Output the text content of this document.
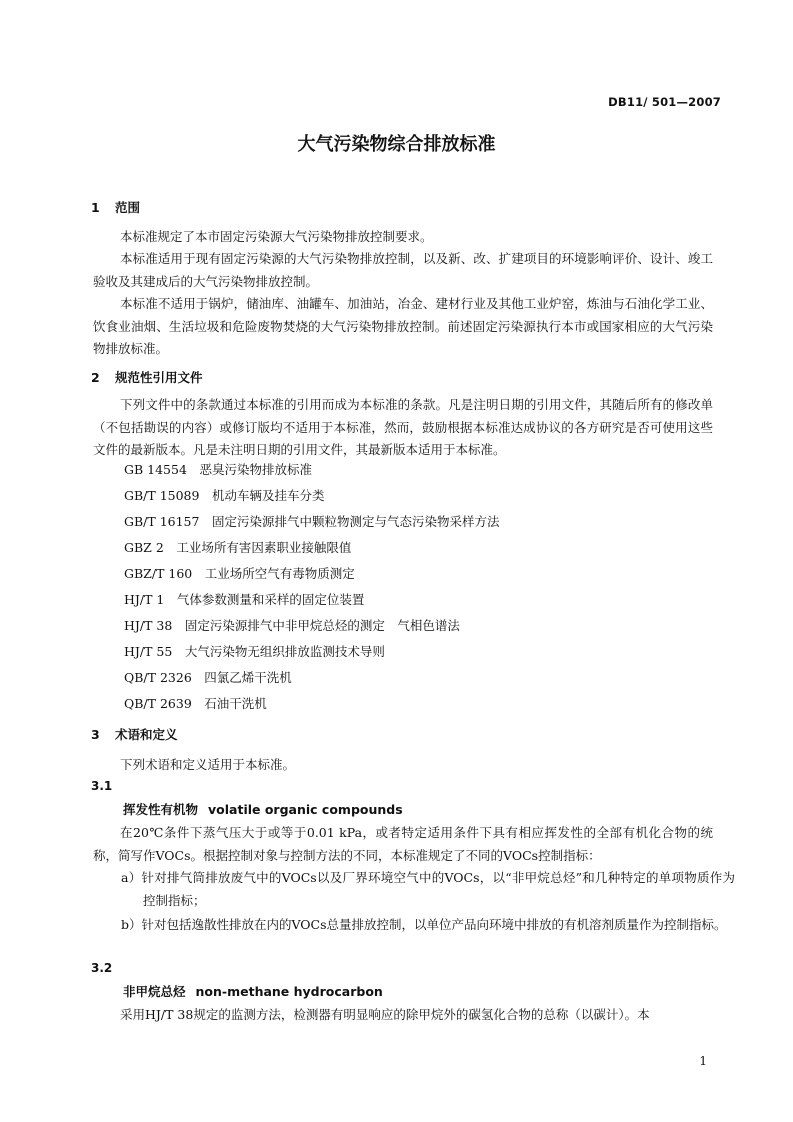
DB11/ 501—2007
大气污染物综合排放标准
1 范围
本标准规定了本市固定污染源大气污染物排放控制要求。
本标准适用于现有固定污染源的大气污染物排放控制，以及新、改、扩建项目的环境影响评价、设计、竣工验收及其建成后的大气污染物排放控制。
本标准不适用于锅炉，储油库、油罐车、加油站，冶金、建材行业及其他工业炉窑，炼油与石油化学工业、饮食业油烟、生活垃圾和危险废物焚烧的大气污染物排放控制。前述固定污染源执行本市或国家相应的大气污染物排放标准。
2 规范性引用文件
下列文件中的条款通过本标准的引用而成为本标准的条款。凡是注明日期的引用文件，其随后所有的修改单（不包括勘误的内容）或修订版均不适用于本标准，然而，鼓励根据本标准达成协议的各方研究是否可使用这些文件的最新版本。凡是未注明日期的引用文件，其最新版本适用于本标准。
GB 14554　 恶臭污染物排放标准
GB/T 15089　 机动车辆及挂车分类
GB/T 16157　 固定污染源排气中颗粒物测定与气态污染物采样方法
GBZ 2　 工业场所有害因素职业接触限值
GBZ/T 160　 工业场所空气有毒物质测定
HJ/T 1　 气体参数测量和采样的固定位装置
HJ/T 38　 固定污染源排气中非甲烷总烃的测定　气相色谱法
HJ/T 55　 大气污染物无组织排放监测技术导则
QB/T 2326　 四氯乙烯干洗机
QB/T 2639　 石油干洗机
3 术语和定义
下列术语和定义适用于本标准。
3.1
挥发性有机物 volatile organic compounds
在20℃条件下蒸气压大于或等于0.01 kPa，或者特定适用条件下具有相应挥发性的全部有机化合物的统称，简写作VOCs。根据控制对象与控制方法的不同，本标准规定了不同的VOCs控制指标：
a）针对排气筒排放废气中的VOCs以及厂界环境空气中的VOCs，以“非甲烷总烃”和几种特定的单项物质作为控制指标；
b）针对包括逸散性排放在内的VOCs总量排放控制，以单位产品向环境中排放的有机溶剂质量作为控制指标。
3.2
非甲烷总烃 non-methane hydrocarbon
采用HJ/T 38规定的监测方法，检测器有明显响应的除甲烷外的碳氢化合物的总称（以碳计）。本
1
